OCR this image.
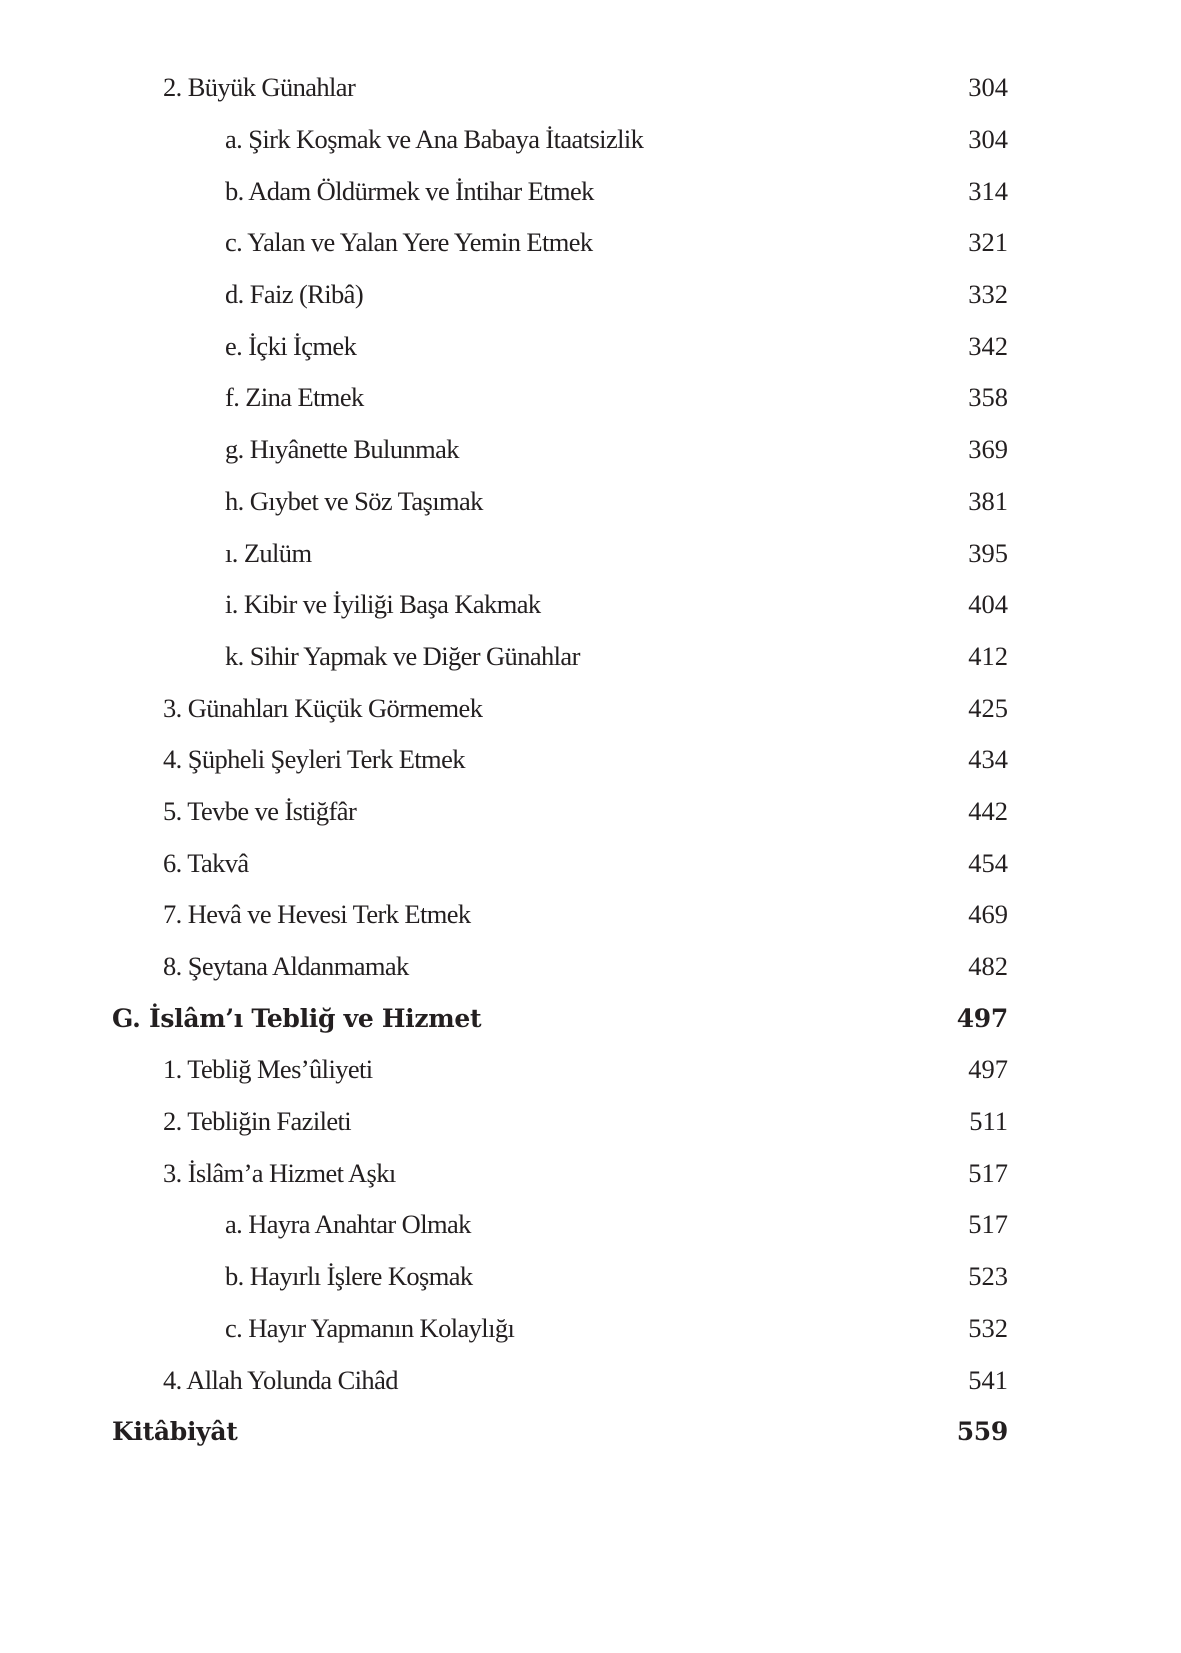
2. Büyük Günahlar	304
a. Şirk Koşmak ve Ana Babaya İtaatsizlik	304
b. Adam Öldürmek ve İntihar Etmek	314
c. Yalan ve Yalan Yere Yemin Etmek	321
d. Faiz (Ribâ)	332
e. İçki İçmek	342
f. Zina Etmek	358
g. Hıyânette Bulunmak	369
h. Gıybet ve Söz Taşımak	381
ı. Zulüm	395
i. Kibir ve İyiliği Başa Kakmak	404
k. Sihir Yapmak ve Diğer Günahlar	412
3. Günahları Küçük Görmemek	425
4. Şüpheli Şeyleri Terk Etmek	434
5. Tevbe ve İstiğfâr	442
6. Takvâ	454
7. Hevâ ve Hevesi Terk Etmek	469
8. Şeytana Aldanmamak	482
G. İslâm’ı Tebliğ ve Hizmet	497
1. Tebliğ Mes’ûliyeti	497
2. Tebliğin Fazileti	511
3. İslâm’a Hizmet Aşkı	517
a. Hayra Anahtar Olmak	517
b. Hayırlı İşlere Koşmak	523
c. Hayır Yapmanın Kolaylığı	532
4. Allah Yolunda Cihâd	541
Kitâbiyât	559
